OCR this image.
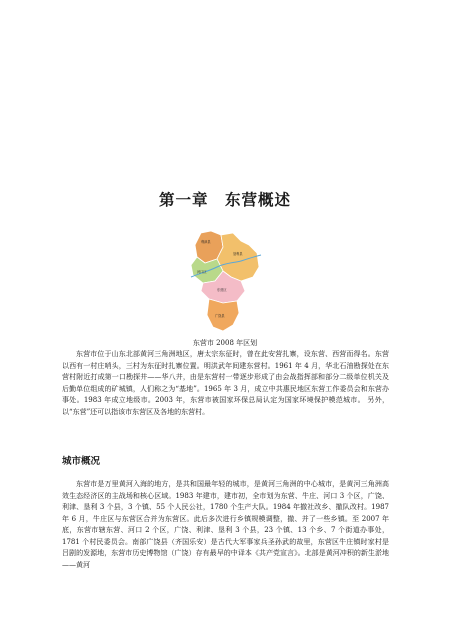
第一章　东营概述
利津县
垦利县
河口区
东营区
广饶县
东营市 2008 年区划

东营市位于山东北部黄河三角洲地区，唐太宗东征时，曾在此安营扎寨，设东营、西营而得名。东营以西有一村庄哨头，三村为东征时扎寨位置。明洪武年间建东营村。1961 年 4 月，华北石油勘探处在东营村附近打成第一口勘探井——华八井，由是东营村一带逐步形成了由会战指挥部和部分二级单位机关及后勤单位组成的矿城镇，人们称之为“基地”。1965 年 3 月，成立中共惠民地区东营工作委员会和东营办事处。1983 年成立地级市。2003 年，东营市被国家环保总局认定为国家环境保护模范城市。 另外，以“东营”还可以指该市东营区及各地的东营村。

城市概况

东营市是万里黄河入海的地方，是共和国最年轻的城市，是黄河三角洲的中心城市，是黄河三角洲高效生态经济区的主战场和核心区域。1983 年建市，建市初，全市划为东营、牛庄、河口 3 个区，广饶、利津、垦利 3 个县，3 个镇、55 个人民公社，1780 个生产大队。1984 年撤社改乡、撤队改村。1987 年 6 月，牛庄区与东营区合并为东营区。此后多次进行乡镇规模调整，撤、并了一些乡镇。至 2007 年底，东营市辖东营、河口 2 个区，广饶、利津、垦利 3 个县，23 个镇、13 个乡、7 个街道办事处，1781 个村民委员会。南部广饶县（齐国乐安）是古代大军事家兵圣孙武的故里，东营区牛庄镇时家村是吕剧的发源地，东营市历史博物馆（广饶）存有最早的中译本《共产党宣言》。北部是黄河冲积的新生淤地——黄河
